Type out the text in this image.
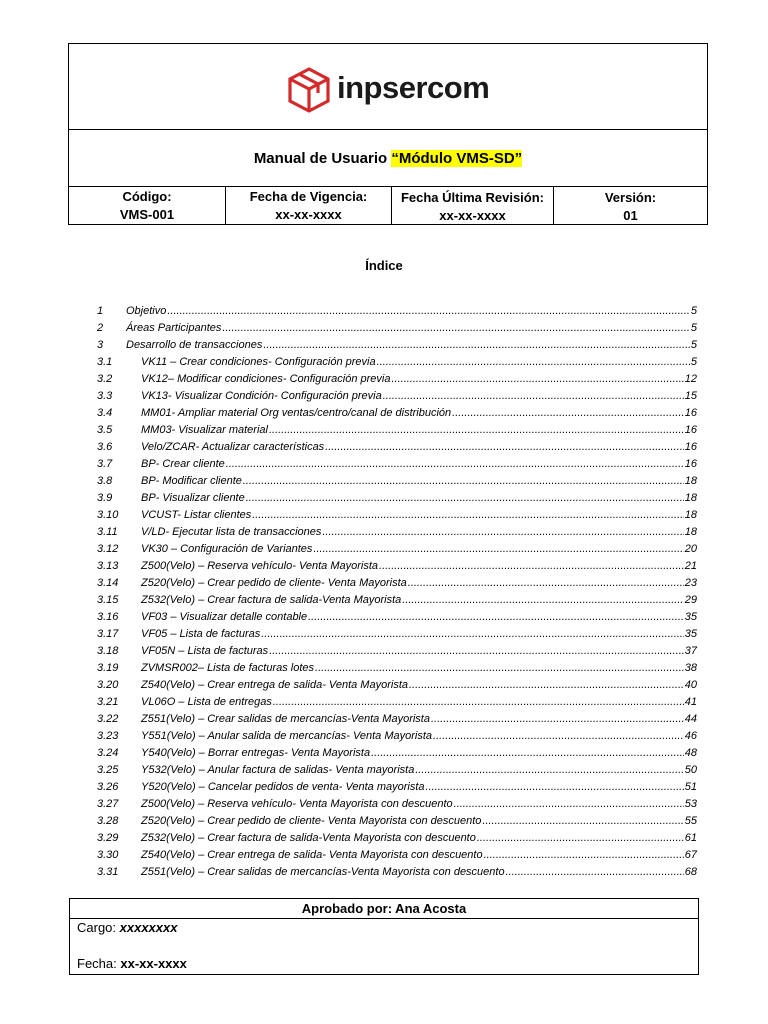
inpsercom
Manual de Usuario “Módulo VMS-SD”
Código:
VMS-001
Fecha de Vigencia:
xx-xx-xxxx
Fecha Última Revisión:
xx-xx-xxxx
Versión:
01
Índice
1 Objetivo .....	5
2 Áreas Participantes .....	5
3 Desarrollo de transacciones .....	5
3.1	VK11 – Crear condiciones- Configuración previa .....	5
3.2	VK12– Modificar condiciones- Configuración previa .....	12
3.3	VK13- Visualizar Condición- Configuración previa .....	15
3.4	MM01- Ampliar material Org ventas/centro/canal de distribución .....	16
3.5	MM03- Visualizar material .....	16
3.6	Velo/ZCAR- Actualizar características .....	16
3.7	BP- Crear cliente .....	16
3.8	BP- Modificar cliente .....	18
3.9	BP- Visualizar cliente .....	18
3.10 VCUST- Listar clientes .....	18
3.11 V/LD- Ejecutar lista de transacciones .....	18
3.12 VK30 – Configuración de Variantes .....	20
3.13 Z500(Velo) – Reserva vehículo- Venta Mayorista .....	21
3.14 Z520(Velo) – Crear pedido de cliente- Venta Mayorista .....	23
3.15 Z532(Velo) – Crear factura de salida-Venta Mayorista .....	29
3.16 VF03 – Visualizar detalle contable .....	35
3.17 VF05 – Lista de facturas .....	35
3.18 VF05N – Lista de facturas .....	37
3.19 ZVMSR002– Lista de facturas lotes .....	38
3.20 Z540(Velo) – Crear entrega de salida- Venta Mayorista .....	40
3.21 VL06O – Lista de entregas .....	41
3.22 Z551(Velo) – Crear salidas de mercancías-Venta Mayorista .....	44
3.23 Y551(Velo) – Anular salida de mercancías- Venta Mayorista .....	46
3.24 Y540(Velo) – Borrar entregas- Venta Mayorista .....	48
3.25 Y532(Velo) – Anular factura de salidas- Venta mayorista .....	50
3.26 Y520(Velo) – Cancelar pedidos de venta- Venta mayorista .....	51
3.27 Z500(Velo) – Reserva vehículo- Venta Mayorista con descuento .....	53
3.28 Z520(Velo) – Crear pedido de cliente- Venta Mayorista con descuento .....	55
3.29 Z532(Velo) – Crear factura de salida-Venta Mayorista con descuento .....	61
3.30 Z540(Velo) – Crear entrega de salida- Venta Mayorista con descuento .....	67
3.31 Z551(Velo) – Crear salidas de mercancías-Venta Mayorista con descuento .....	68
Aprobado por: Ana Acosta
Cargo: xxxxxxxx
Fecha: xx-xx-xxxx
